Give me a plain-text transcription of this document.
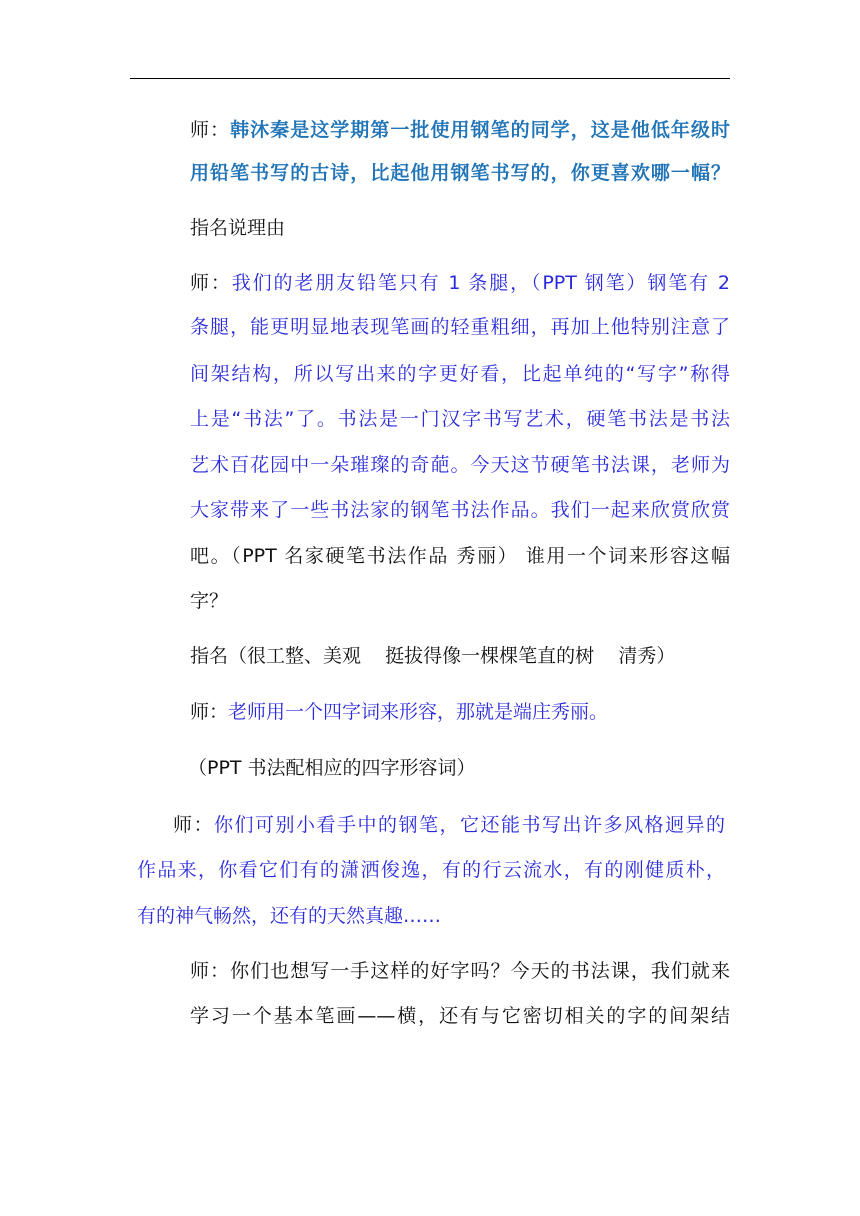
师：韩沐秦是这学期第一批使用钢笔的同学，这是他低年级时
用铅笔书写的古诗，比起他用钢笔书写的，你更喜欢哪一幅？
指名说理由
师：我们的老朋友铅笔只有 1 条腿，（PPT 钢笔）钢笔有 2
条腿，能更明显地表现笔画的轻重粗细，再加上他特别注意了
间架结构，所以写出来的字更好看，比起单纯的“写字”称得
上是“书法”了。书法是一门汉字书写艺术，硬笔书法是书法
艺术百花园中一朵璀璨的奇葩。今天这节硬笔书法课，老师为
大家带来了一些书法家的钢笔书法作品。我们一起来欣赏欣赏
吧。（PPT 名家硬笔书法作品 秀丽） 谁用一个词来形容这幅
字？
指名（很工整、美观    挺拔得像一棵棵笔直的树    清秀）
师：老师用一个四字词来形容，那就是端庄秀丽。
（PPT 书法配相应的四字形容词）
师：你们可别小看手中的钢笔，它还能书写出许多风格迥异的
作品来，你看它们有的潇洒俊逸，有的行云流水，有的刚健质朴，
有的神气畅然，还有的天然真趣……
师：你们也想写一手这样的好字吗？今天的书法课，我们就来
学习一个基本笔画——横，还有与它密切相关的字的间架结
